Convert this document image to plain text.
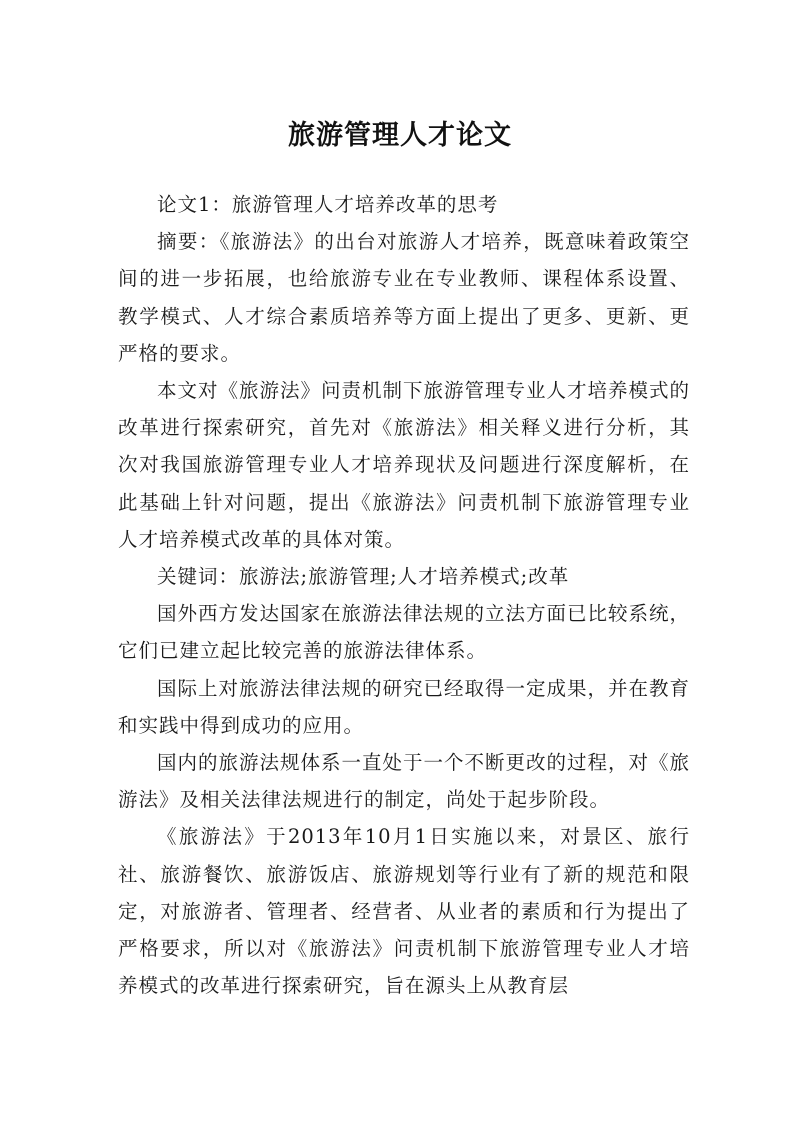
旅游管理人才论文

论文1：旅游管理人才培养改革的思考

摘要：《旅游法》的出台对旅游人才培养，既意味着政策空间的进一步拓展，也给旅游专业在专业教师、课程体系设置、教学模式、人才综合素质培养等方面上提出了更多、更新、更严格的要求。

本文对《旅游法》问责机制下旅游管理专业人才培养模式的改革进行探索研究，首先对《旅游法》相关释义进行分析，其次对我国旅游管理专业人才培养现状及问题进行深度解析，在此基础上针对问题，提出《旅游法》问责机制下旅游管理专业人才培养模式改革的具体对策。

关键词：旅游法;旅游管理;人才培养模式;改革

国外西方发达国家在旅游法律法规的立法方面已比较系统，它们已建立起比较完善的旅游法律体系。

国际上对旅游法律法规的研究已经取得一定成果，并在教育和实践中得到成功的应用。

国内的旅游法规体系一直处于一个不断更改的过程，对《旅游法》及相关法律法规进行的制定，尚处于起步阶段。

《旅游法》于2013年10月1日实施以来，对景区、旅行社、旅游餐饮、旅游饭店、旅游规划等行业有了新的规范和限定，对旅游者、管理者、经营者、从业者的素质和行为提出了严格要求，所以对《旅游法》问责机制下旅游管理专业人才培养模式的改革进行探索研究，旨在源头上从教育层
